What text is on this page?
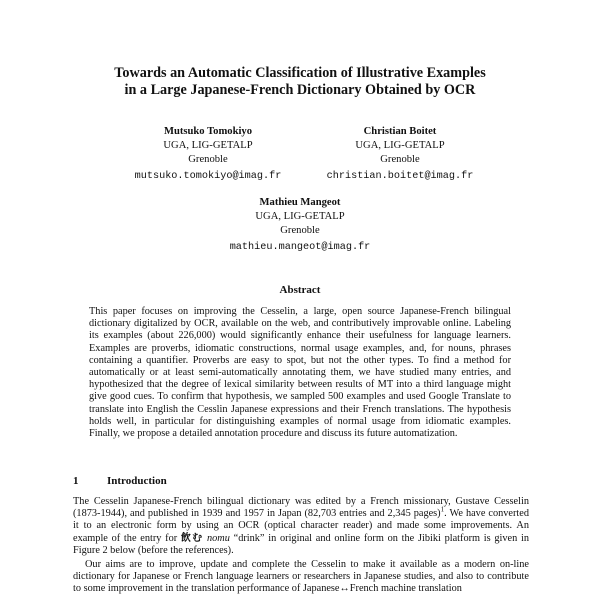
Towards an Automatic Classification of Illustrative Examples
in a Large Japanese-French Dictionary Obtained by OCR
Mutsuko Tomokiyo
UGA, LIG-GETALP
Grenoble
mutsuko.tomokiyo@imag.fr
Christian Boitet
UGA, LIG-GETALP
Grenoble
christian.boitet@imag.fr
Mathieu Mangeot
UGA, LIG-GETALP
Grenoble
mathieu.mangeot@imag.fr
Abstract
This paper focuses on improving the Cesselin, a large, open source Japanese-French bilingual dictionary digitalized by OCR, available on the web, and contributively improvable online. Labeling its examples (about 226,000) would significantly enhance their usefulness for language learners. Examples are proverbs, idiomatic constructions, normal usage examples, and, for nouns, phrases containing a quantifier. Proverbs are easy to spot, but not the other types. To find a method for automatically or at least semi-automatically annotating them, we have studied many entries, and hypothesized that the degree of lexical similarity between results of MT into a third language might give good cues. To confirm that hypothesis, we sampled 500 examples and used Google Translate to translate into English the Cesslin Japanese expressions and their French translations. The hypothesis holds well, in particular for distinguishing examples of normal usage from idiomatic examples. Finally, we propose a detailed annotation procedure and discuss its future automatization.
1	Introduction

The Cesselin Japanese-French bilingual dictionary was edited by a French missionary, Gustave Cesselin (1873-1944), and published in 1939 and 1957 in Japan (82,703 entries and 2,345 pages)$^1$. We have converted it to an electronic form by using an OCR (optical character reader) and made some improvements. An example of the entry for 飲む nomu “drink” in original and online form on the Jibiki platform is given in Figure 2 below (before the references).

Our aims are to improve, update and complete the Cesselin to make it available as a modern on-line dictionary for Japanese or French language learners or researchers in Japanese studies, and also to contribute to some improvement in the translation performance of Japanese↔French machine translation
